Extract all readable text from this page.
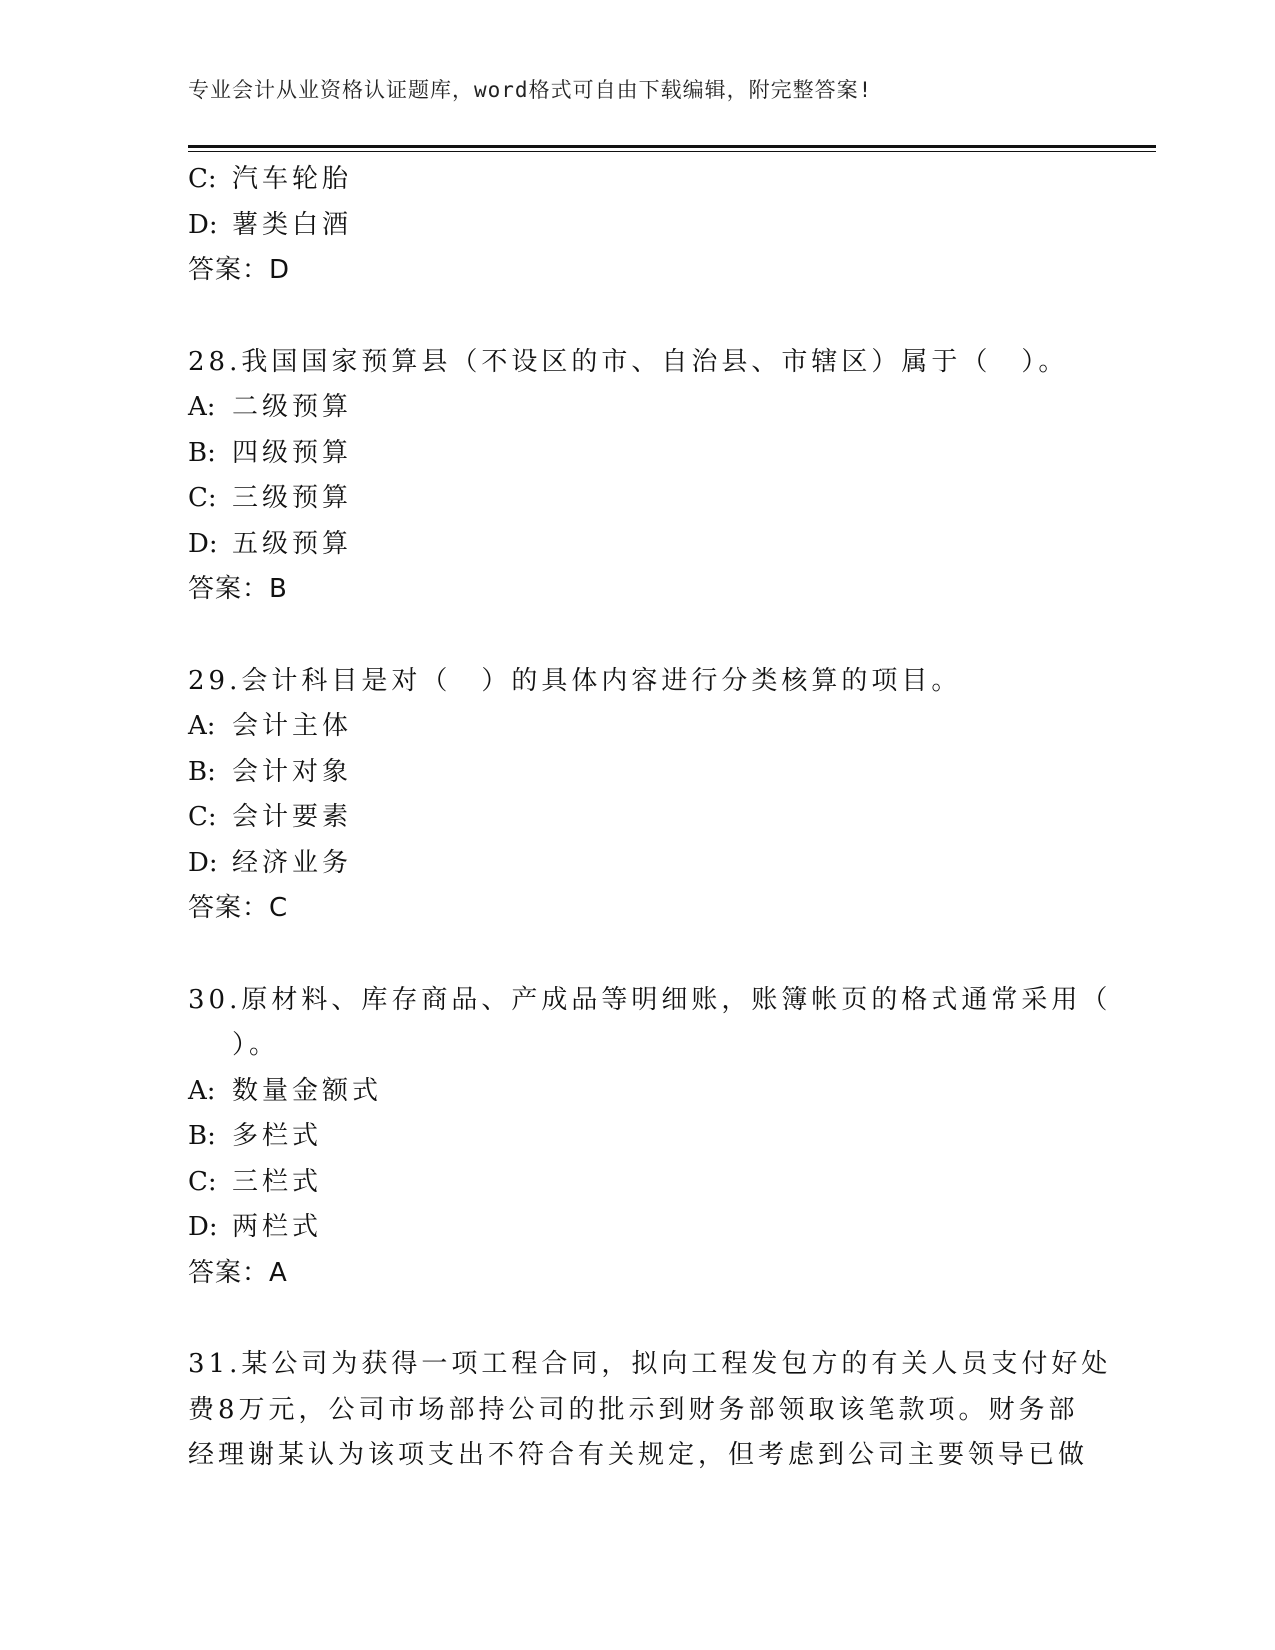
专业会计从业资格认证题库，word格式可自由下载编辑，附完整答案!
C: 汽车轮胎
D: 薯类白酒
答案：D
28.我国国家预算县（不设区的市、自治县、市辖区）属于（　）。
A: 二级预算
B: 四级预算
C: 三级预算
D: 五级预算
答案：B
29.会计科目是对（　）的具体内容进行分类核算的项目。
A: 会计主体
B: 会计对象
C: 会计要素
D: 经济业务
答案：C
30.原材料、库存商品、产成品等明细账，账簿帐页的格式通常采用（
）。
A: 数量金额式
B: 多栏式
C: 三栏式
D: 两栏式
答案：A
31.某公司为获得一项工程合同，拟向工程发包方的有关人员支付好处
费8万元，公司市场部持公司的批示到财务部领取该笔款项。财务部
经理谢某认为该项支出不符合有关规定，但考虑到公司主要领导已做
